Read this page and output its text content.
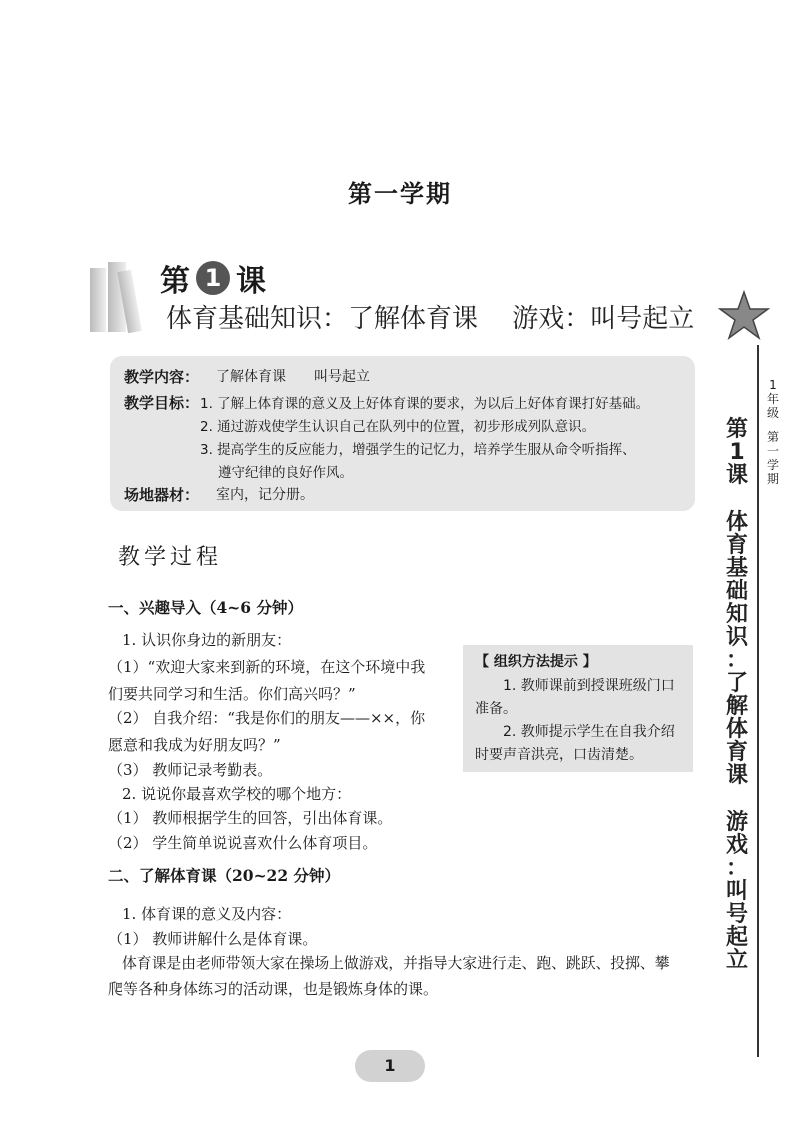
第一学期
第 1 课
体育基础知识：了解体育课　 游戏：叫号起立
教学内容：	了解体育课　　叫号起立
教学目标： 1. 了解上体育课的意义及上好体育课的要求，为以后上好体育课打好基础。
2. 通过游戏使学生认识自己在队列中的位置，初步形成列队意识。
3. 提高学生的反应能力，增强学生的记忆力，培养学生服从命令听指挥、
遵守纪律的良好作风。
场地器材：	室内，记分册。
教学过程
一、兴趣导入（4~6 分钟）
1. 认识你身边的新朋友：
（1）“欢迎大家来到新的环境，在这个环境中我
们要共同学习和生活。你们高兴吗？”
（2） 自我介绍：“我是你们的朋友——××，你
愿意和我成为好朋友吗？”
（3） 教师记录考勤表。
2. 说说你最喜欢学校的哪个地方：
（1） 教师根据学生的回答，引出体育课。
（2） 学生简单说说喜欢什么体育项目。
【 组织方法提示 】
1. 教师课前到授课班级门口
准备。
2. 教师提示学生在自我介绍
时要声音洪亮，口齿清楚。
二、了解体育课（20~22 分钟）
1. 体育课的意义及内容：
（1） 教师讲解什么是体育课。
体育课是由老师带领大家在操场上做游戏，并指导大家进行走、跑、跳跃、投掷、攀
爬等各种身体练习的活动课，也是锻炼身体的课。
1
年
级
第
一
学
期
第
1
课
体
育
基
础
知
识
：
了
解
体
育
课
游
戏
：
叫
号
起
立
1
